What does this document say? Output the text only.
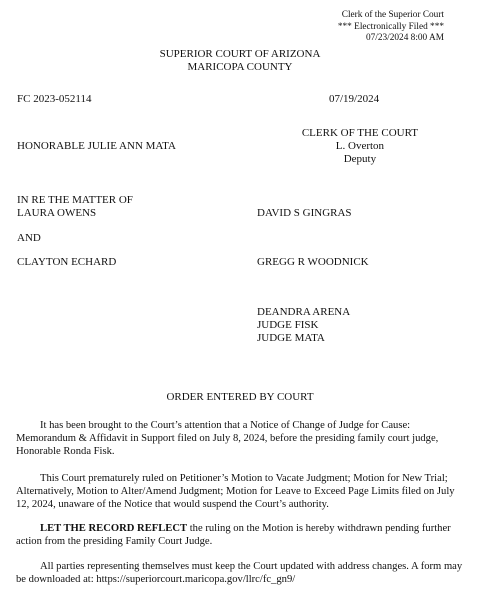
Clerk of the Superior Court
*** Electronically Filed ***
07/23/2024 8:00 AM
SUPERIOR COURT OF ARIZONA
MARICOPA COUNTY
FC 2023-052114	07/19/2024
HONORABLE JULIE ANN MATA
CLERK OF THE COURT
L. Overton
Deputy
IN RE THE MATTER OF
LAURA OWENS
AND
CLAYTON ECHARD
DAVID S GINGRAS
GREGG R WOODNICK
DEANDRA ARENA
JUDGE FISK
JUDGE MATA
ORDER ENTERED BY COURT

It has been brought to the Court’s attention that a Notice of Change of Judge for Cause: Memorandum & Affidavit in Support filed on July 8, 2024, before the presiding family court judge, Honorable Ronda Fisk.

This Court prematurely ruled on Petitioner’s Motion to Vacate Judgment; Motion for New Trial; Alternatively, Motion to Alter/Amend Judgment; Motion for Leave to Exceed Page Limits filed on July 12, 2024, unaware of the Notice that would suspend the Court’s authority.

LET THE RECORD REFLECT the ruling on the Motion is hereby withdrawn pending further action from the presiding Family Court Judge.

All parties representing themselves must keep the Court updated with address changes. A form may be downloaded at: https://superiorcourt.maricopa.gov/llrc/fc_gn9/
